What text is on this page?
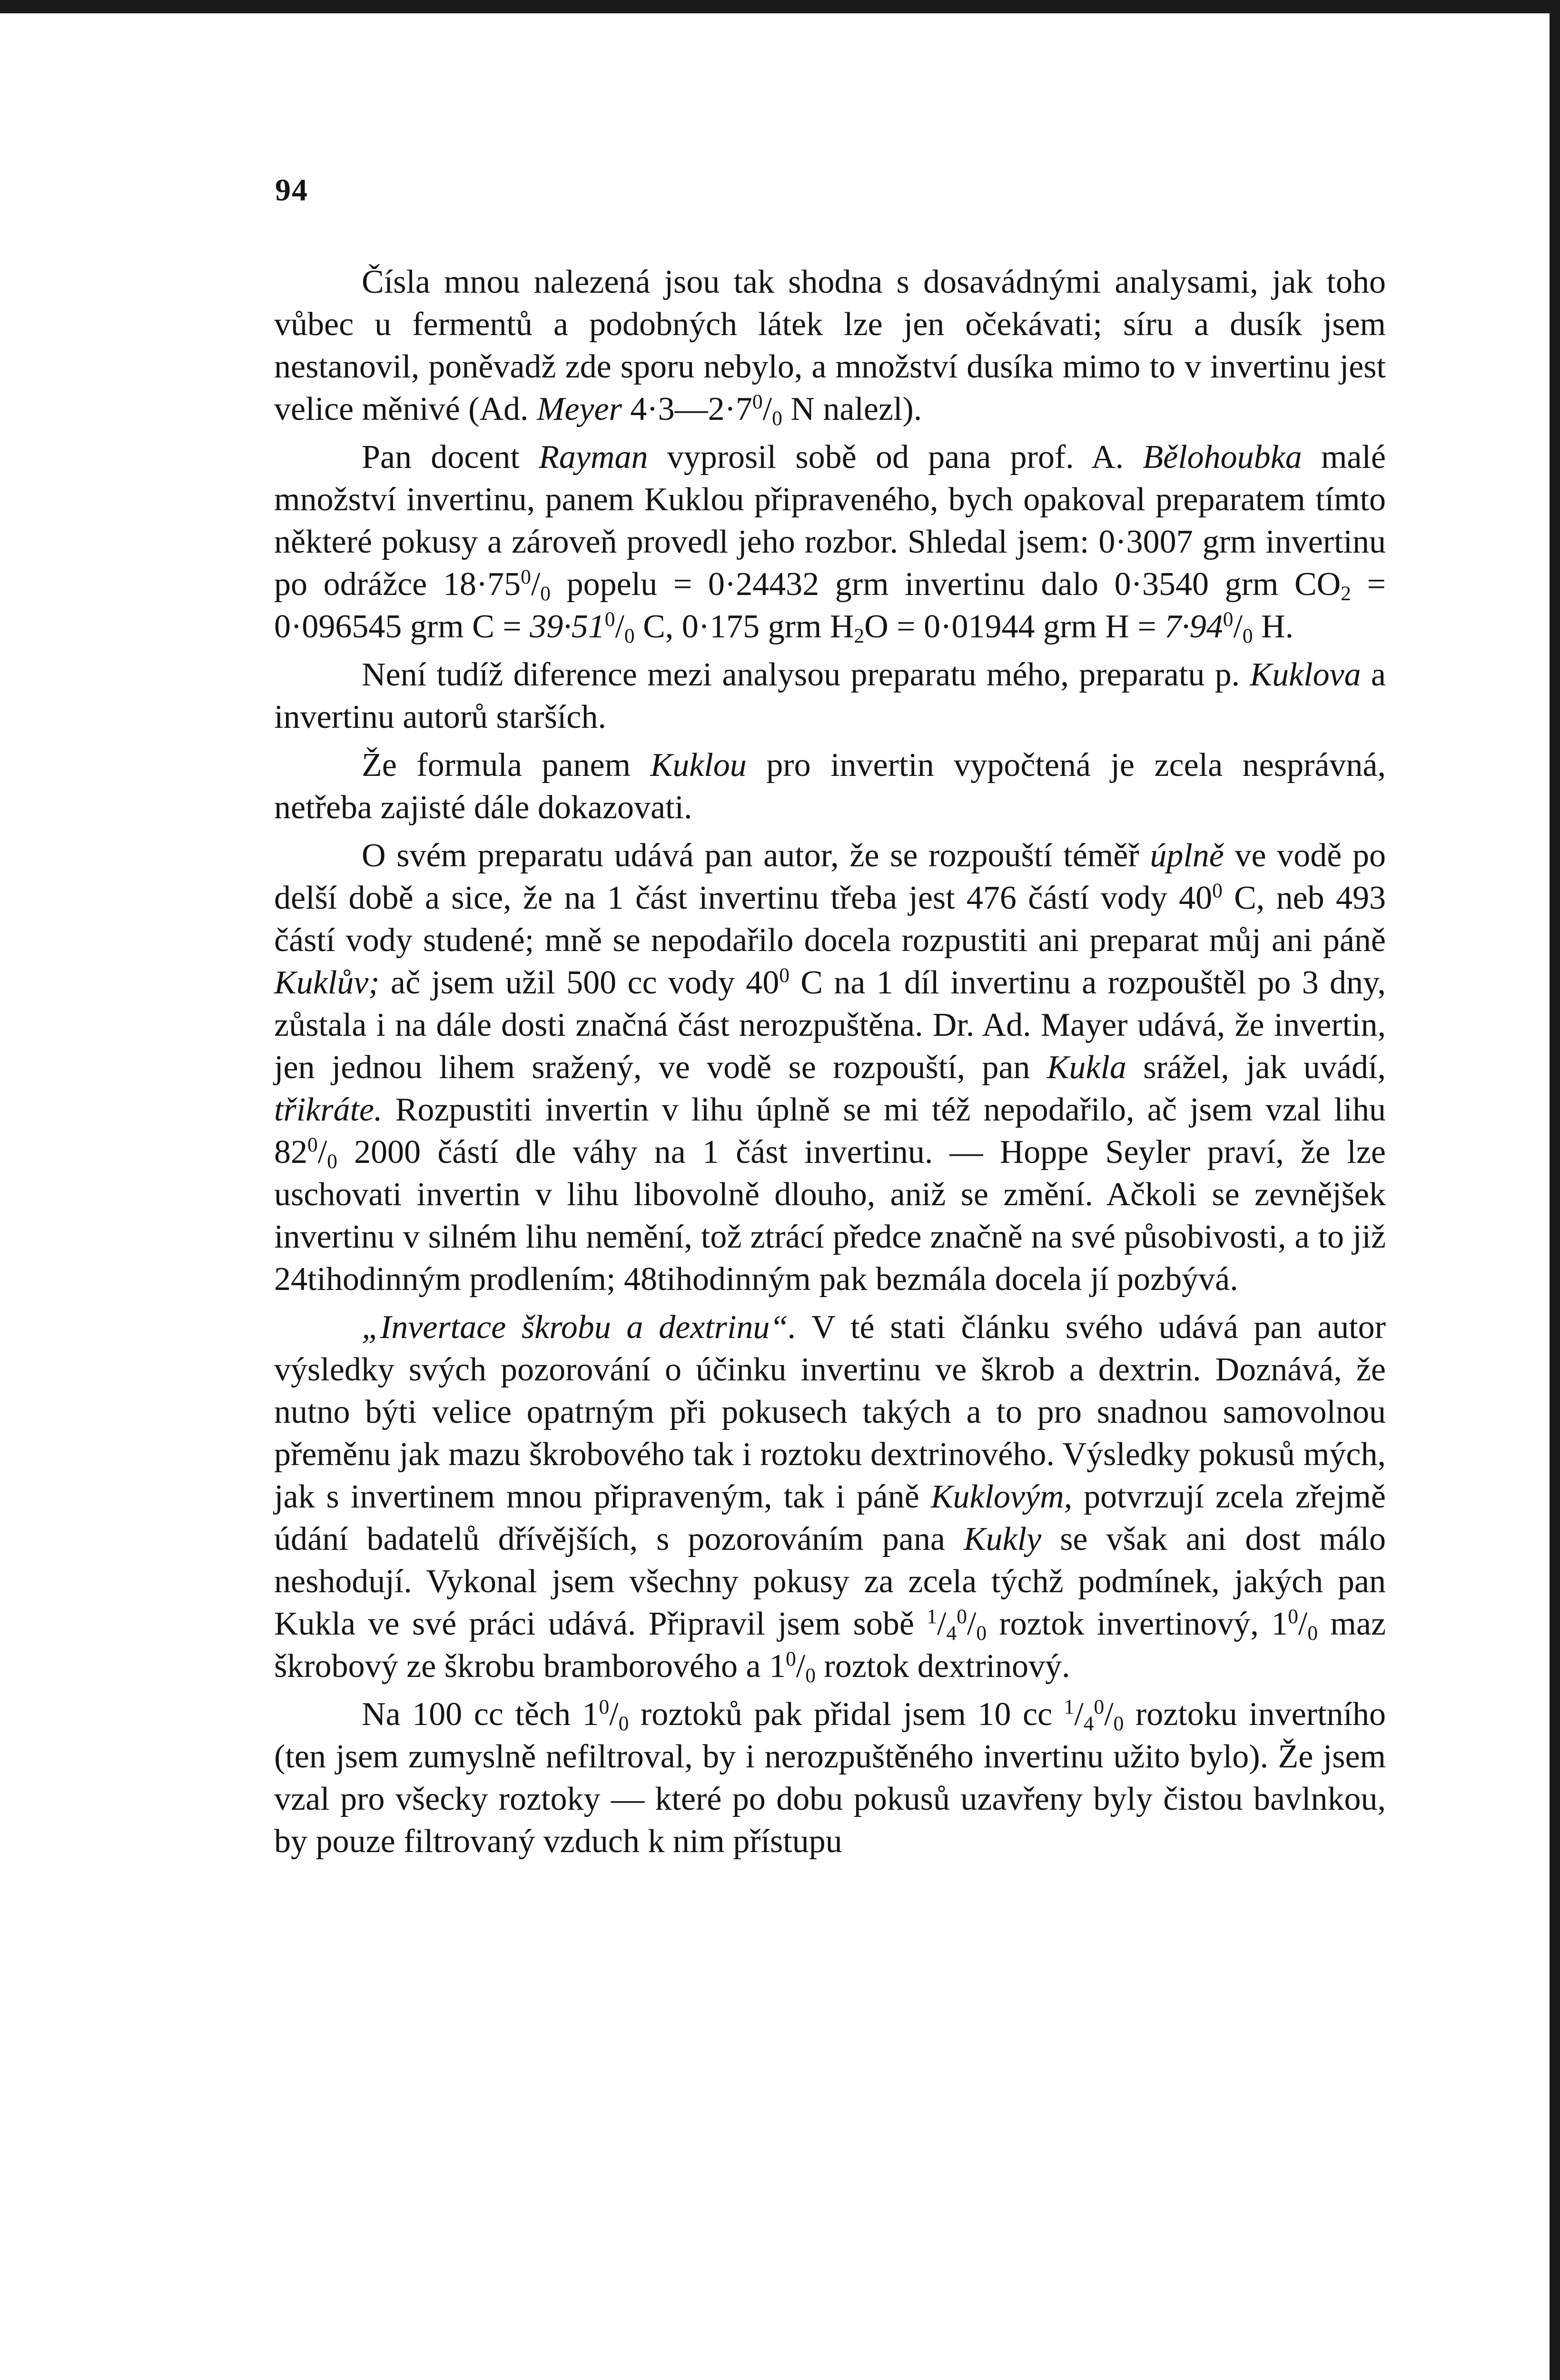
94

Čísla mnou nalezená jsou tak shodna s dosavádnými analysami, jak toho vůbec u fermentů a podobných látek lze jen očekávati; síru a dusík jsem nestanovil, poněvadž zde sporu nebylo, a množství dusíka mimo to v invertinu jest velice měnivé (Ad. Meyer $4\cdot 3—2\cdot 7^0/_0$ N nalezl).

Pan docent Rayman vyprosil sobě od pana prof. A. Bělohoubka malé množství invertinu, panem Kuklou připraveného, bych opakoval preparatem tímto některé pokusy a zároveň provedl jeho rozbor. Shledal jsem: 0·3007 grm invertinu po odrážce $18\cdot 75^0/_0$ popelu = 0·24432 grm invertinu dalo 0·3540 grm $CO_2 = 0\cdot 096545$ grm $C = 39\cdot 51^0/_0$ C, 0·175 grm $H_2O = 0\cdot 01944$ grm $H = 7\cdot 94^0/_0$ H.

Není tudíž diference mezi analysou preparatu mého, preparatu p. Kuklova a invertinu autorů starších.

Že formula panem Kuklou pro invertin vypočtená je zcela nesprávná, netřeba zajisté dále dokazovati.

O svém preparatu udává pan autor, že se rozpouští téměř úplně ve vodě po delší době a sice, že na 1 část invertinu třeba jest 476 částí vody $40^0$ C, neb 493 částí vody studené; mně se nepodařilo docela rozpustiti ani preparat můj ani páně Kuklův; ač jsem užil 500 cc vody $40^0$ C na 1 díl invertinu a rozpouštěl po 3 dny, zůstala i na dále dosti značná část nerozpuštěna. Dr. Ad. Mayer udává, že invertin, jen jednou lihem sražený, ve vodě se rozpouští, pan Kukla srážel, jak uvádí, třikráte. Rozpustiti invertin v lihu úplně se mi též nepodařilo, ač jsem vzal lihu $82^0/_0$ 2000 částí dle váhy na 1 část invertinu. — Hoppe Seyler praví, že lze uschovati invertin v lihu libovolně dlouho, aniž se změní. Ačkoli se zevnějšek invertinu v silném lihu nemění, tož ztrácí předce značně na své působivosti, a to již 24tihodinným prodlením; 48tihodinným pak bezmála docela jí pozbývá.

„Invertace škrobu a dextrinu“. V té stati článku svého udává pan autor výsledky svých pozorování o účinku invertinu ve škrob a dextrin. Doznává, že nutno býti velice opatrným při pokusech takých a to pro snadnou samovolnou přeměnu jak mazu škrobového tak i roztoku dextrinového. Výsledky pokusů mých, jak s invertinem mnou připraveným, tak i páně Kuklovým, potvrzují zcela zřejmě údání badatelů dřívějších, s pozorováním pana Kukly se však ani dost málo neshodují. Vykonal jsem všechny pokusy za zcela týchž podmínek, jakých pan Kukla ve své práci udává. Připravil jsem sobě $^1/_4^0/_0$ roztok invertinový, $1^0/_0$ maz škrobový ze škrobu bramborového a $1^0/_0$ roztok dextrinový.

Na 100 cc těch $1^0/_0$ roztoků pak přidal jsem 10 cc $^1/_4^0/_0$ roztoku invertního (ten jsem zumyslně nefiltroval, by i nerozpuštěného invertinu užito bylo). Že jsem vzal pro všecky roztoky — které po dobu pokusů uzavřeny byly čistou bavlnkou, by pouze filtrovaný vzduch k nim přístupu
